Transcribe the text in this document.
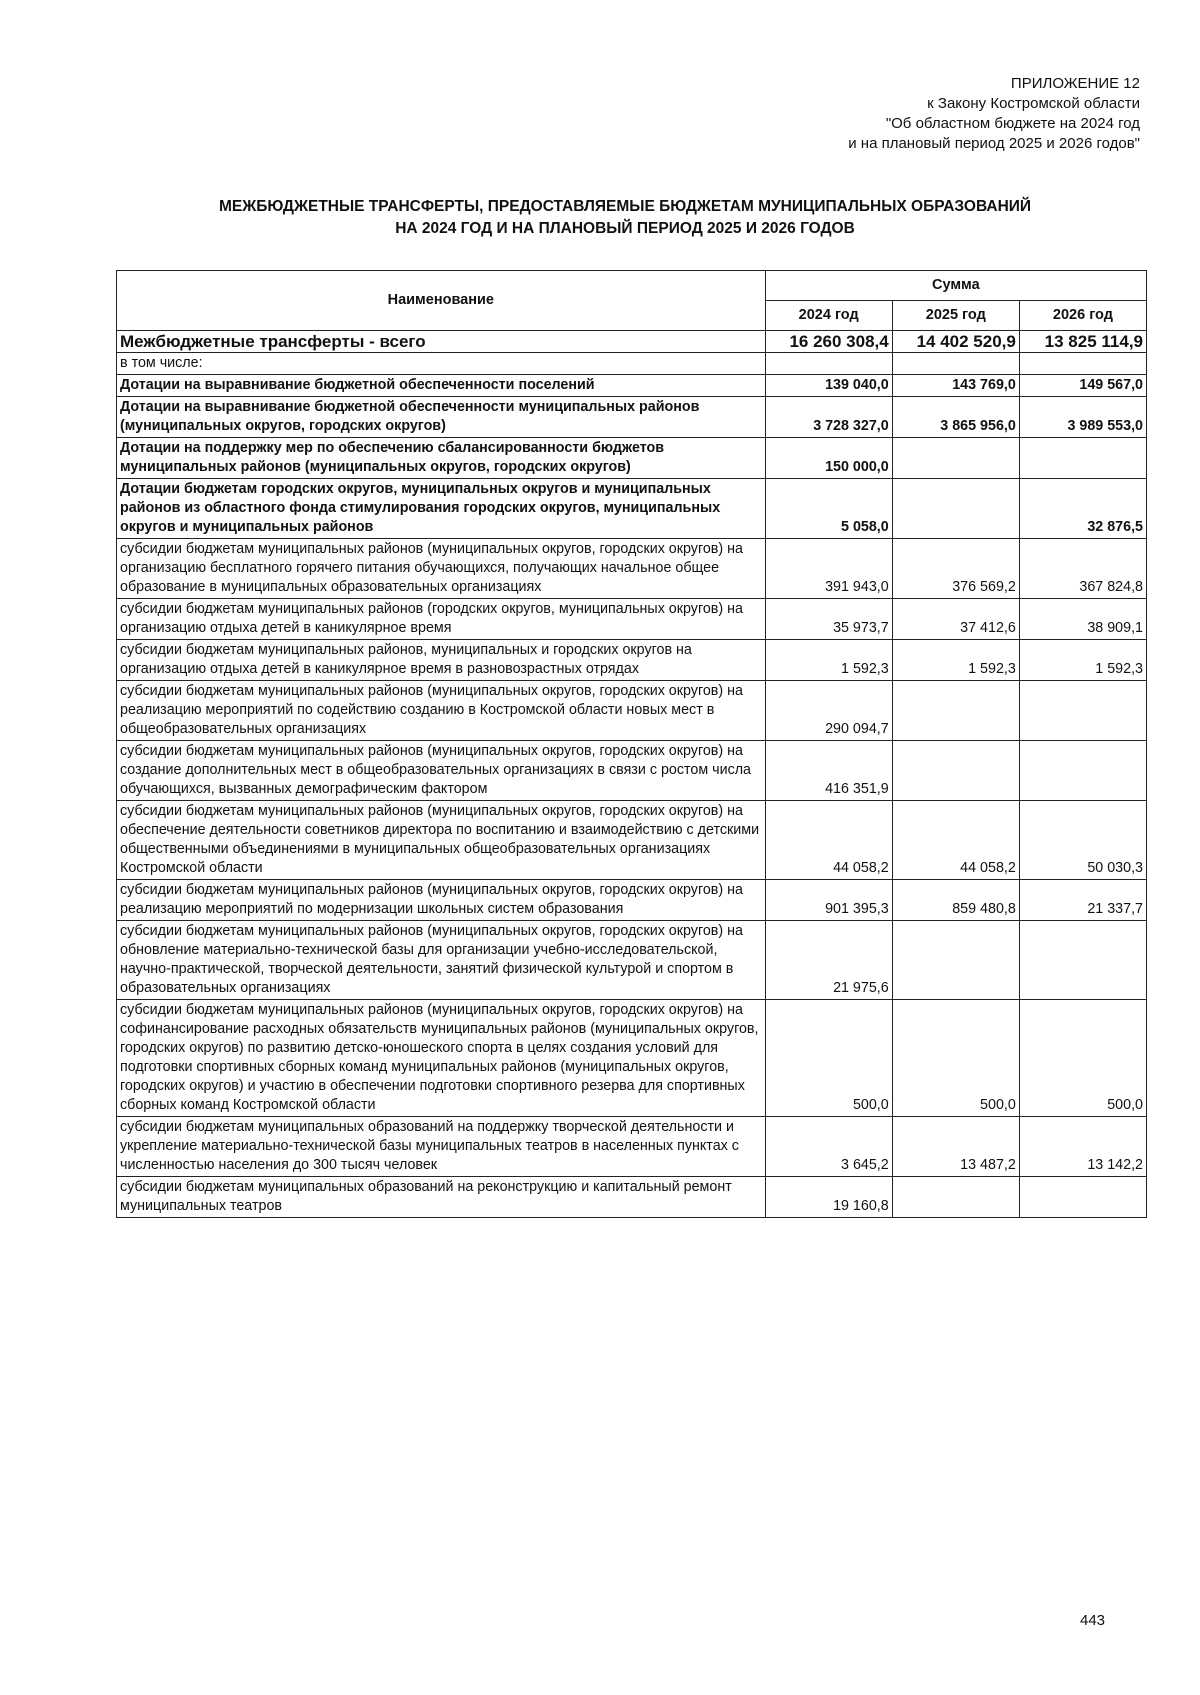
ПРИЛОЖЕНИЕ 12
к Закону Костромской области
"Об областном бюджете на 2024 год
и на плановый период 2025 и 2026 годов"
МЕЖБЮДЖЕТНЫЕ ТРАНСФЕРТЫ, ПРЕДОСТАВЛЯЕМЫЕ БЮДЖЕТАМ МУНИЦИПАЛЬНЫХ ОБРАЗОВАНИЙ
НА 2024 ГОД И НА ПЛАНОВЫЙ ПЕРИОД 2025 И 2026 ГОДОВ
Наименование	Сумма		
	2024 год	2025 год	2026 год
Межбюджетные трансферты - всего	16 260 308,4	14 402 520,9	13 825 114,9
в том числе:			
Дотации на выравнивание бюджетной обеспеченности поселений	139 040,0	143 769,0	149 567,0
Дотации на выравнивание бюджетной обеспеченности муниципальных районов (муниципальных округов, городских округов)	3 728 327,0	3 865 956,0	3 989 553,0
Дотации на поддержку мер по обеспечению сбалансированности бюджетов муниципальных районов (муниципальных округов, городских округов)	150 000,0		
Дотации бюджетам городских округов, муниципальных округов и муниципальных районов из областного фонда стимулирования городских округов, муниципальных округов и муниципальных районов	5 058,0		32 876,5
субсидии бюджетам муниципальных районов (муниципальных округов, городских округов) на организацию бесплатного горячего питания обучающихся, получающих начальное общее образование в муниципальных образовательных организациях	391 943,0	376 569,2	367 824,8
субсидии бюджетам муниципальных районов (городских округов, муниципальных округов) на организацию отдыха детей в каникулярное время	35 973,7	37 412,6	38 909,1
субсидии бюджетам муниципальных районов, муниципальных и городских округов на организацию отдыха детей в каникулярное время в разновозрастных отрядах	1 592,3	1 592,3	1 592,3
субсидии бюджетам муниципальных районов (муниципальных округов, городских округов) на реализацию мероприятий по содействию созданию в Костромской области новых мест в общеобразовательных организациях	290 094,7		
субсидии бюджетам муниципальных районов (муниципальных округов, городских округов) на создание дополнительных мест в общеобразовательных организациях в связи с ростом числа обучающихся, вызванных демографическим фактором	416 351,9		
субсидии бюджетам муниципальных районов (муниципальных округов, городских округов) на обеспечение деятельности советников директора по воспитанию и взаимодействию с детскими общественными объединениями в муниципальных общеобразовательных организациях Костромской области	44 058,2	44 058,2	50 030,3
субсидии бюджетам муниципальных районов (муниципальных округов, городских округов) на реализацию мероприятий по модернизации школьных систем образования	901 395,3	859 480,8	21 337,7
субсидии бюджетам муниципальных районов (муниципальных округов, городских округов) на обновление материально-технической базы для организации учебно-исследовательской, научно-практической, творческой деятельности, занятий физической культурой и спортом в образовательных организациях	21 975,6		
субсидии бюджетам муниципальных районов (муниципальных округов, городских округов) на софинансирование расходных обязательств муниципальных районов (муниципальных округов, городских округов) по развитию детско-юношеского спорта в целях создания условий для подготовки спортивных сборных команд муниципальных районов (муниципальных округов, городских округов) и участию в обеспечении подготовки спортивного резерва для спортивных сборных команд Костромской области	500,0	500,0	500,0
субсидии бюджетам муниципальных образований на поддержку творческой деятельности и укрепление материально-технической базы муниципальных театров в населенных пунктах с численностью населения до 300 тысяч человек	3 645,2	13 487,2	13 142,2
субсидии бюджетам муниципальных образований на реконструкцию и капитальный ремонт муниципальных театров	19 160,8		
443
